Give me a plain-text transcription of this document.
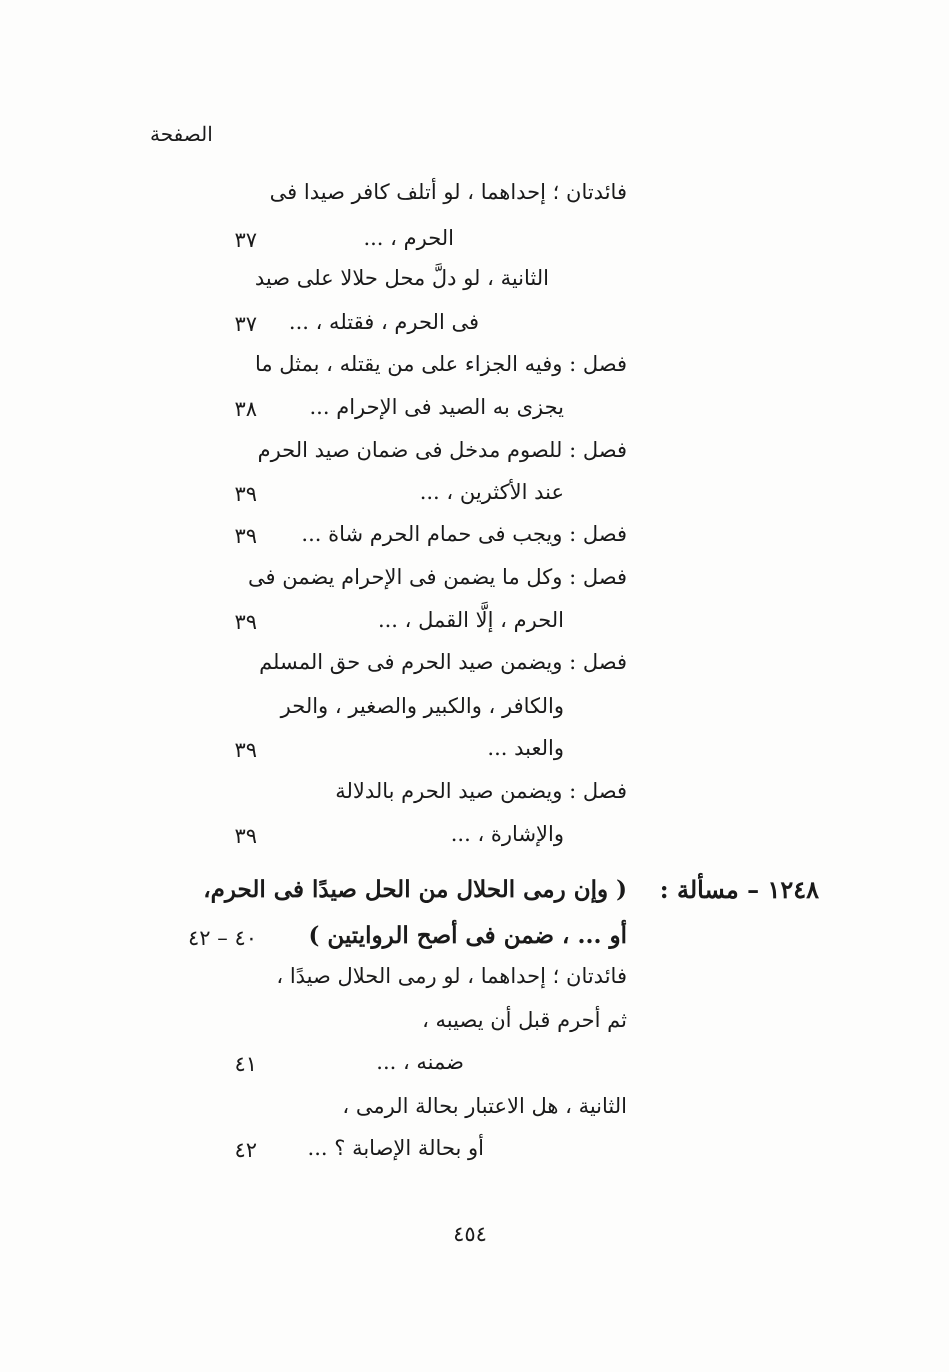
الصفحة
فائدتان ؛ إحداهما ، لو أتلف كافر صيدا فى
الحرم ، ...
٣٧
الثانية ، لو دلَّ محل حلالا على صيد
فى الحرم ، فقتله ، ...
٣٧
فصل : وفيه الجزاء على من يقتله ، بمثل ما
يجزى به الصيد فى الإحرام ...
٣٨
فصل : للصوم مدخل فى ضمان صيد الحرم
عند الأكثرين ، ...
٣٩
فصل : ويجب فى حمام الحرم شاة ...
٣٩
فصل : وكل ما يضمن فى الإحرام يضمن فى
الحرم ، إلَّا القمل ، ...
٣٩
فصل : ويضمن صيد الحرم فى حق المسلم
والكافر ، والكبير والصغير ، والحر
والعبد ...
٣٩
فصل : ويضمن صيد الحرم بالدلالة
والإشارة ، ...
٣٩
١٢٤٨ – مسألة :
( وإن رمى الحلال من الحل صيدًا فى الحرم،
أو ... ، ضمن فى أصح الروايتين )
٤٠ – ٤٢
فائدتان ؛ إحداهما ، لو رمى الحلال صيدًا ،
ثم أحرم قبل أن يصيبه ،
ضمنه ، ...
٤١
الثانية ، هل الاعتبار بحالة الرمى ،
أو بحالة الإصابة ؟ ...
٤٢
٤٥٤
